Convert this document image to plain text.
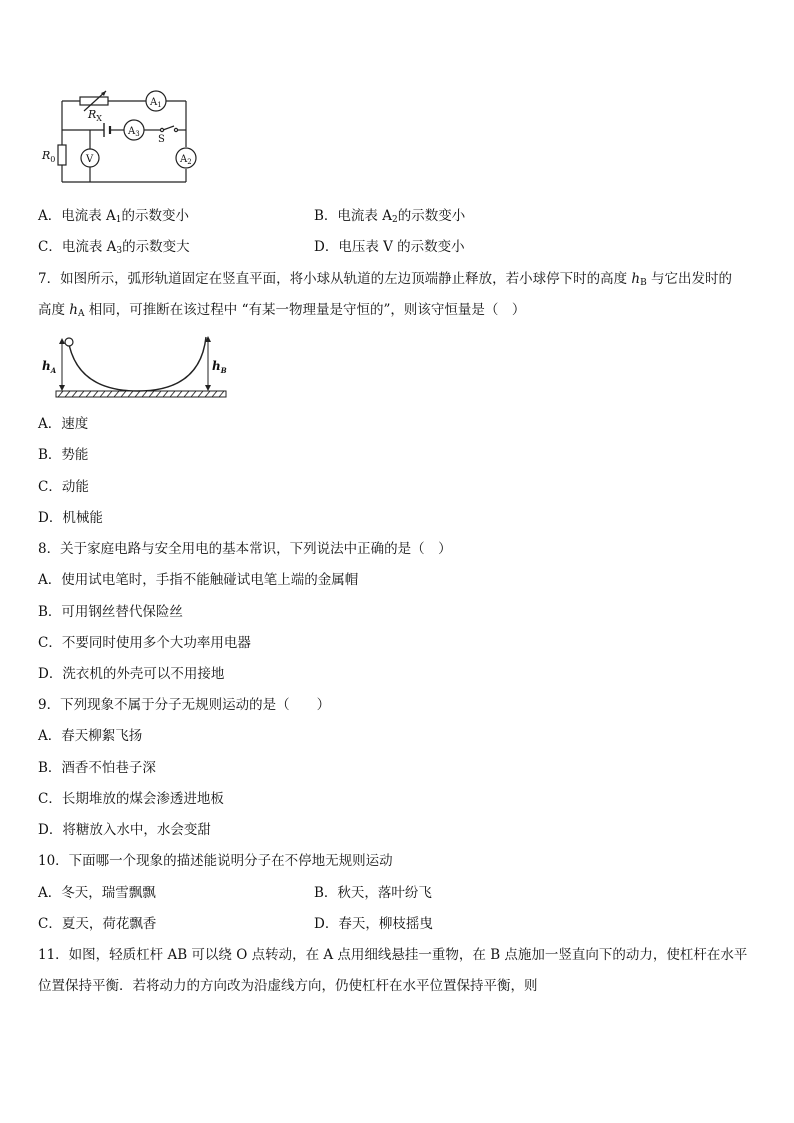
$R_X$
$R_0$
$A_1$
$A_2$
$A_3$
V
S
A．电流表 $A_1$的示数变小	B．电流表 $A_2$的示数变小
C．电流表 $A_3$的示数变大	D．电压表 V 的示数变小
7．如图所示，弧形轨道固定在竖直平面，将小球从轨道的左边顶端静止释放，若小球停下时的高度 $h_B$ 与它出发时的
高度 $h_A$ 相同，可推断在该过程中 “有某一物理量是守恒的”，则该守恒量是（　）
$h_A$	$h_B$
A．速度
B．势能
C．动能
D．机械能
8．关于家庭电路与安全用电的基本常识，下列说法中正确的是（　）
A．使用试电笔时，手指不能触碰试电笔上端的金属帽
B．可用钢丝替代保险丝
C．不要同时使用多个大功率用电器
D．洗衣机的外壳可以不用接地
9．下列现象不属于分子无规则运动的是（　　）
A．春天柳絮飞扬
B．酒香不怕巷子深
C．长期堆放的煤会渗透进地板
D．将糖放入水中，水会变甜
10．下面哪一个现象的描述能说明分子在不停地无规则运动
A．冬天，瑞雪飘飘	B．秋天，落叶纷飞
C．夏天，荷花飘香	D．春天，柳枝摇曳
11．如图，轻质杠杆 AB 可以绕 O 点转动，在 A 点用细线悬挂一重物，在 B 点施加一竖直向下的动力，使杠杆在水平
位置保持平衡．若将动力的方向改为沿虚线方向，仍使杠杆在水平位置保持平衡，则
